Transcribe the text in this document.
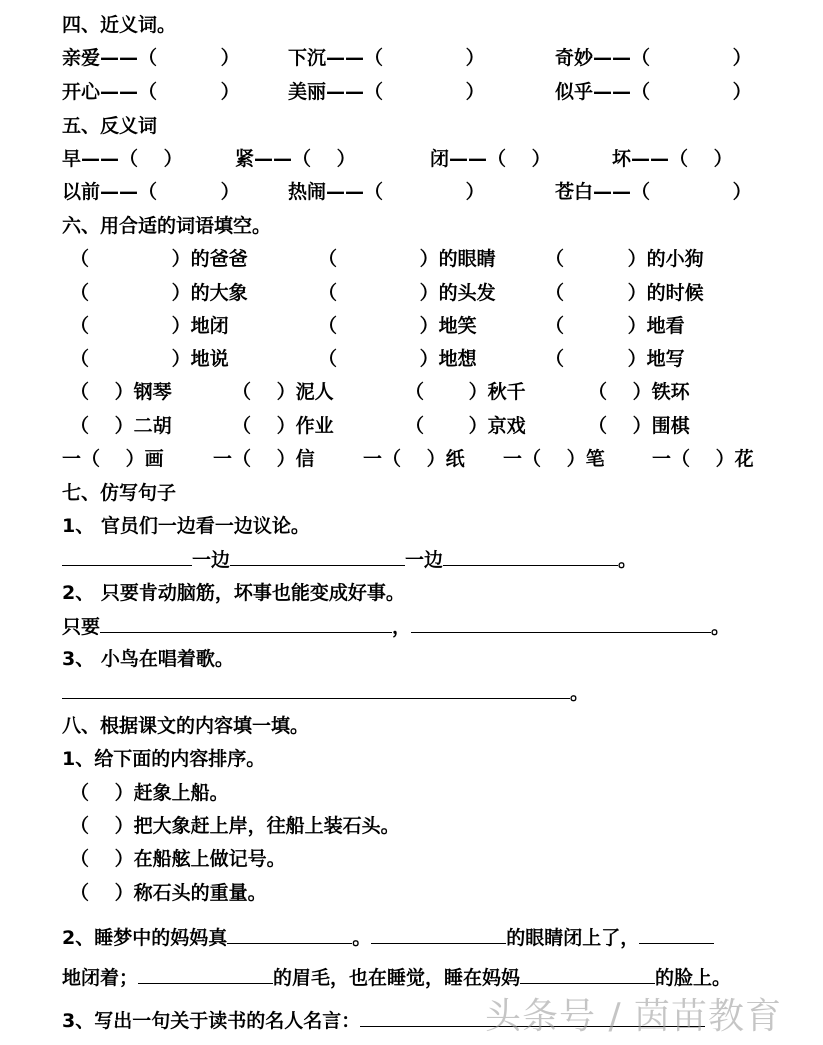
四、近义词。
亲爱——（　　　 ）	下沉——（　　　　 ）	奇妙——（　　　　 ）
开心——（　　　 ）	美丽——（　　　　 ）	似乎——（　　　　 ）
五、反义词
早——（　 ）	紧——（　 ）	闭——（　 ）	坏——（　 ）
以前——（　　　 ）	热闹——（　　　　 ）	苍白——（　　　　 ）
六、用合适的词语填空。
（　　　　 ）的爸爸	（　　　　 ）的眼睛	（　　　 ）的小狗
（　　　　 ）的大象	（　　　　 ）的头发	（　　　 ）的时候
（　　　　 ）地闭	（　　　　 ）地笑	（　　　 ）地看
（　　　　 ）地说	（　　　　 ）地想	（　　　 ）地写
（　 ）钢琴	（　 ）泥人	（　　 ）秋千	（　 ）铁环
（　 ）二胡	（　 ）作业	（　　 ）京戏	（　 ）围棋
一（　 ）画	一（　 ）信	一（　 ）纸 一（　 ）笔 一（　 ）花
七、仿写句子
1、 官员们一边看一边议论。
一边	一边	。
2、 只要肯动脑筋，坏事也能变成好事。
只要	，	。
3、 小鸟在唱着歌。
。
八、根据课文的内容填一填。
1、给下面的内容排序。
（　 ）赶象上船。
（　 ）把大象赶上岸，往船上装石头。
（　 ）在船舷上做记号。
（　 ）称石头的重量。
2、睡梦中的妈妈真	。	的眼睛闭上了，
地闭着；	的眉毛，也在睡觉，睡在妈妈	的脸上。
3、写出一句关于读书的名人名言：	头条号 / 茵苗教育
